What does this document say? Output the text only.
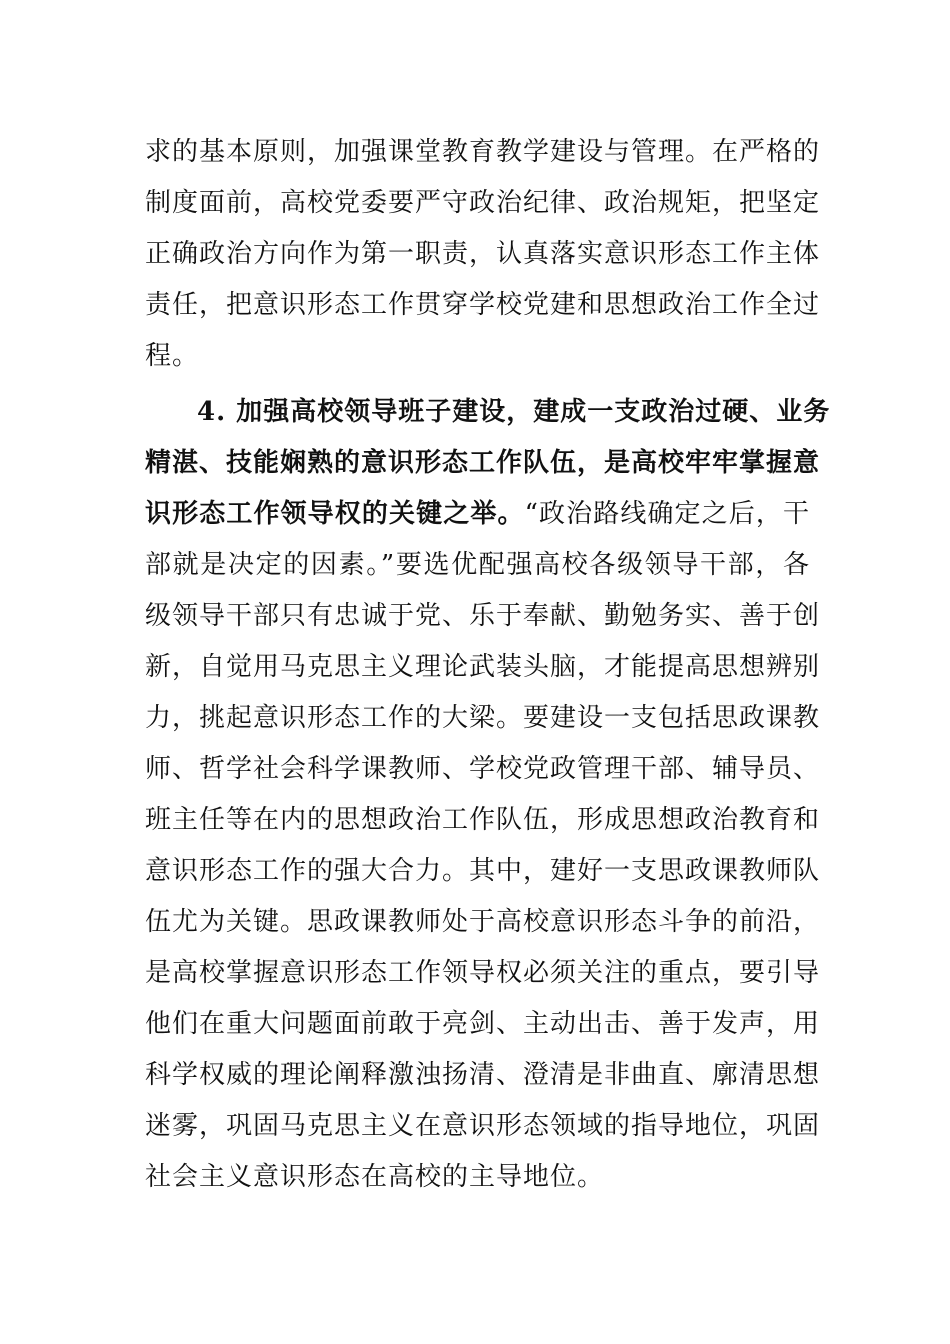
求的基本原则，加强课堂教育教学建设与管理。在严格的
制度面前，高校党委要严守政治纪律、政治规矩，把坚定
正确政治方向作为第一职责，认真落实意识形态工作主体
责任，把意识形态工作贯穿学校党建和思想政治工作全过
程。
4. 加强高校领导班子建设，建成一支政治过硬、业务
精湛、技能娴熟的意识形态工作队伍，是高校牢牢掌握意
识形态工作领导权的关键之举。“政治路线确定之后，干
部就是决定的因素。”要选优配强高校各级领导干部，各
级领导干部只有忠诚于党、乐于奉献、勤勉务实、善于创
新，自觉用马克思主义理论武装头脑，才能提高思想辨别
力，挑起意识形态工作的大梁。要建设一支包括思政课教
师、哲学社会科学课教师、学校党政管理干部、辅导员、
班主任等在内的思想政治工作队伍，形成思想政治教育和
意识形态工作的强大合力。其中，建好一支思政课教师队
伍尤为关键。思政课教师处于高校意识形态斗争的前沿，
是高校掌握意识形态工作领导权必须关注的重点，要引导
他们在重大问题面前敢于亮剑、主动出击、善于发声，用
科学权威的理论阐释激浊扬清、澄清是非曲直、廓清思想
迷雾，巩固马克思主义在意识形态领域的指导地位，巩固
社会主义意识形态在高校的主导地位。
